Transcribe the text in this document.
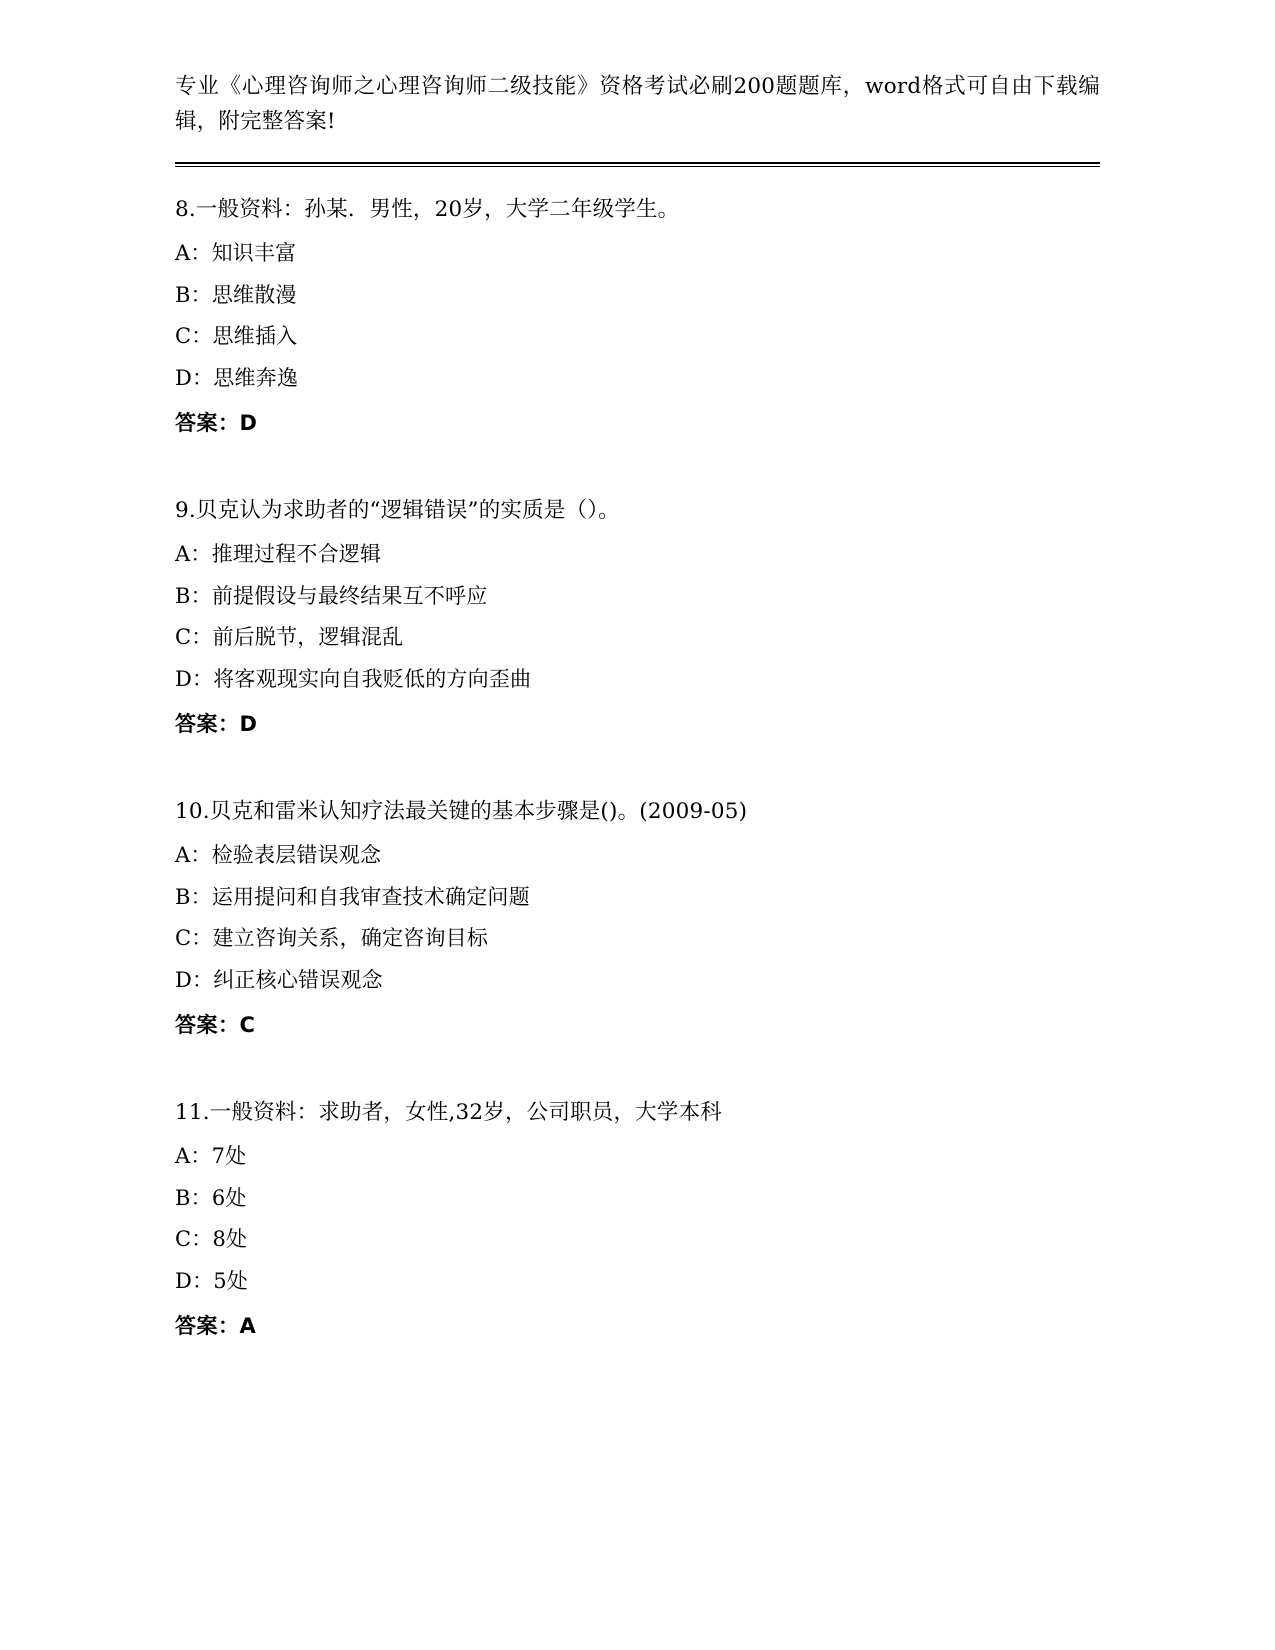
专业《心理咨询师之心理咨询师二级技能》资格考试必刷200题题库，word格式可自由下载编辑，附完整答案!
8.一般资料：孙某．男性，20岁，大学二年级学生。
A：知识丰富
B：思维散漫
C：思维插入
D：思维奔逸
答案：D
9.贝克认为求助者的“逻辑错误”的实质是（）。
A：推理过程不合逻辑
B：前提假设与最终结果互不呼应
C：前后脱节，逻辑混乱
D：将客观现实向自我贬低的方向歪曲
答案：D
10.贝克和雷米认知疗法最关键的基本步骤是()。(2009-05)
A：检验表层错误观念
B：运用提问和自我审查技术确定问题
C：建立咨询关系，确定咨询目标
D：纠正核心错误观念
答案：C
11.一般资料：求助者，女性,32岁，公司职员，大学本科
A：7处
B：6处
C：8处
D：5处
答案：A
